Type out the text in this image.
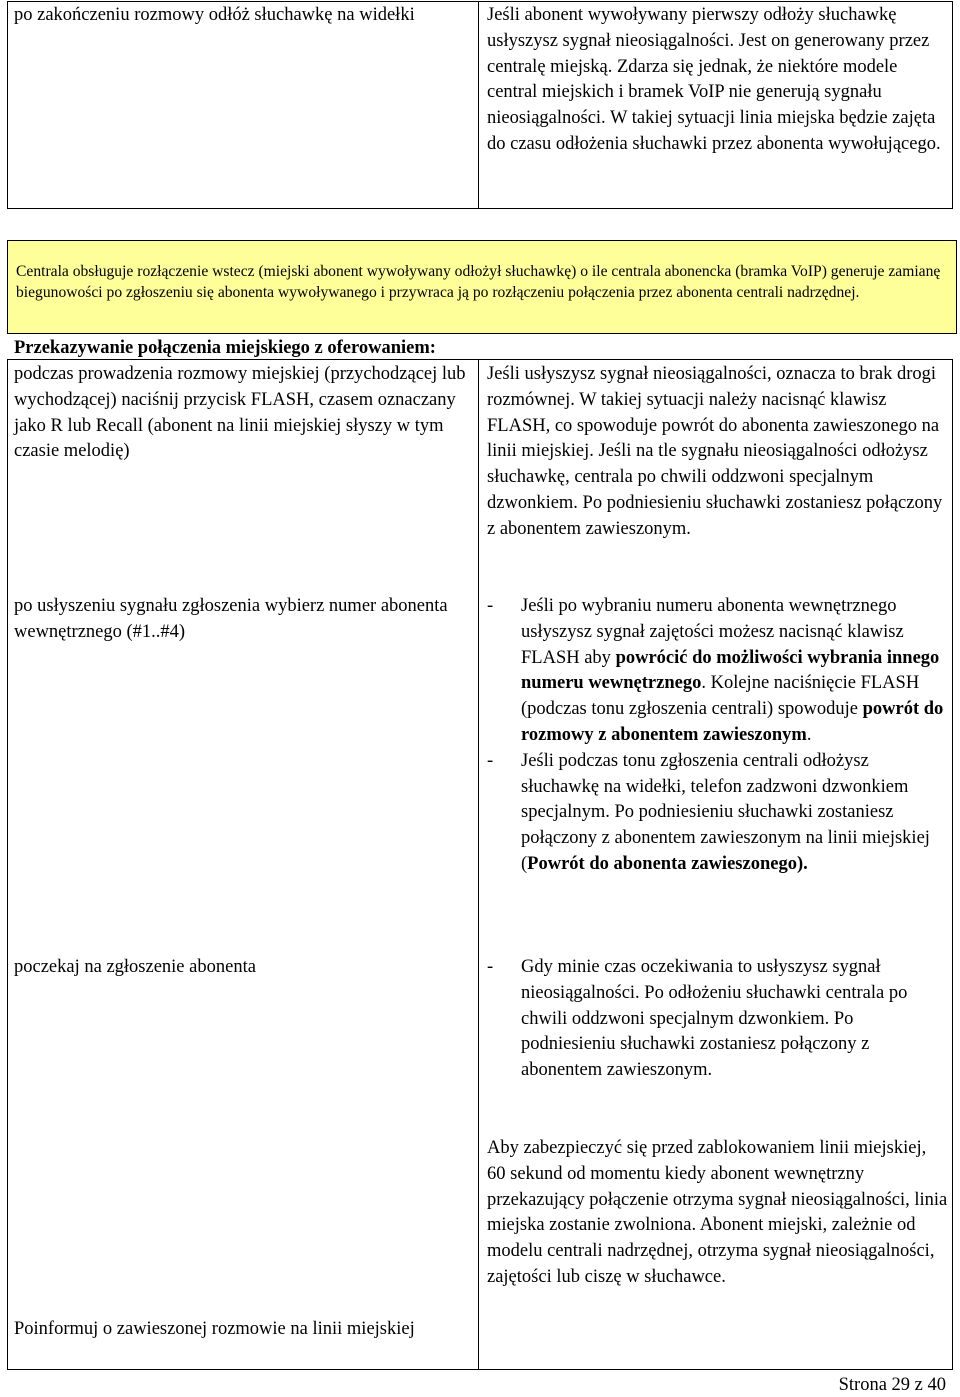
po zakończeniu rozmowy odłóż słuchawkę na widełki	Jeśli abonent wywoływany pierwszy odłoży słuchawkę usłyszysz sygnał nieosiągalności. Jest on generowany przez centralę miejską. Zdarza się jednak, że niektóre modele central miejskich i bramek VoIP nie generują sygnału nieosiągalności. W takiej sytuacji linia miejska będzie zajęta do czasu odłożenia słuchawki przez abonenta wywołującego.

Centrala obsługuje rozłączenie wstecz (miejski abonent wywoływany odłożył słuchawkę) o ile centrala abonencka (bramka VoIP) generuje zamianę biegunowości po zgłoszeniu się abonenta wywoływanego i przywraca ją po rozłączeniu połączenia przez abonenta centrali nadrzędnej.

Przekazywanie połączenia miejskiego z oferowaniem:

podczas prowadzenia rozmowy miejskiej (przychodzącej lub wychodzącej) naciśnij przycisk FLASH, czasem oznaczany jako R lub Recall (abonent na linii miejskiej słyszy w tym czasie melodię)

Jeśli usłyszysz sygnał nieosiągalności, oznacza to brak drogi rozmównej. W takiej sytuacji należy nacisnąć klawisz FLASH, co spowoduje powrót do abonenta zawieszonego na linii miejskiej. Jeśli na tle sygnału nieosiągalności odłożysz słuchawkę, centrala po chwili oddzwoni specjalnym dzwonkiem. Po podniesieniu słuchawki zostaniesz połączony z abonentem zawieszonym.

po usłyszeniu sygnału zgłoszenia wybierz numer abonenta wewnętrznego (#1..#4)

- Jeśli po wybraniu numeru abonenta wewnętrznego usłyszysz sygnał zajętości możesz nacisnąć klawisz FLASH aby powrócić do możliwości wybrania innego numeru wewnętrznego. Kolejne naciśnięcie FLASH (podczas tonu zgłoszenia centrali) spowoduje powrót do rozmowy z abonentem zawieszonym.
- Jeśli podczas tonu zgłoszenia centrali odłożysz słuchawkę na widełki, telefon zadzwoni dzwonkiem specjalnym. Po podniesieniu słuchawki zostaniesz połączony z abonentem zawieszonym na linii miejskiej (Powrót do abonenta zawieszonego).

poczekaj na zgłoszenie abonenta	- Gdy minie czas oczekiwania to usłyszysz sygnał nieosiągalności. Po odłożeniu słuchawki centrala po chwili oddzwoni specjalnym dzwonkiem. Po podniesieniu słuchawki zostaniesz połączony z abonentem zawieszonym.

Aby zabezpieczyć się przed zablokowaniem linii miejskiej, 60 sekund od momentu kiedy abonent wewnętrzny przekazujący połączenie otrzyma sygnał nieosiągalności, linia miejska zostanie zwolniona. Abonent miejski, zależnie od modelu centrali nadrzędnej, otrzyma sygnał nieosiągalności, zajętości lub ciszę w słuchawce.

Poinformuj o zawieszonej rozmowie na linii miejskiej

Strona 29 z 40
